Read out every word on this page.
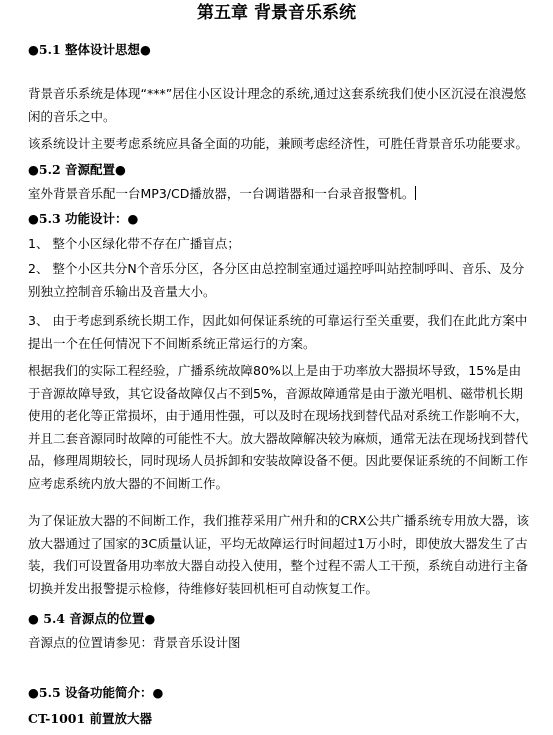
第五章 背景音乐系统
●5.1 整体设计思想●
背景音乐系统是体现“***”居住小区设计理念的系统,通过这套系统我们使小区沉浸在浪漫悠闲的音乐之中。
该系统设计主要考虑系统应具备全面的功能，兼顾考虑经济性，可胜任背景音乐功能要求。
●5.2 音源配置●
室外背景音乐配一台MP3/CD播放器，一台调谐器和一台录音报警机。
●5.3 功能设计：●
1、 整个小区绿化带不存在广播盲点；
2、 整个小区共分N个音乐分区，各分区由总控制室通过遥控呼叫站控制呼叫、音乐、及分别独立控制音乐输出及音量大小。
3、 由于考虑到系统长期工作，因此如何保证系统的可靠运行至关重要，我们在此此方案中提出一个在任何情况下不间断系统正常运行的方案。
根据我们的实际工程经验，广播系统故障80%以上是由于功率放大器损坏导致，15%是由于音源故障导致，其它设备故障仅占不到5%，音源故障通常是由于激光唱机、磁带机长期使用的老化等正常损坏，由于通用性强，可以及时在现场找到替代品对系统工作影响不大，并且二套音源同时故障的可能性不大。放大器故障解决较为麻烦，通常无法在现场找到替代品，修理周期较长，同时现场人员拆卸和安装故障设备不便。因此要保证系统的不间断工作应考虑系统内放大器的不间断工作。
为了保证放大器的不间断工作，我们推荐采用广州升和的CRX公共广播系统专用放大器，该放大器通过了国家的3C质量认证，平均无故障运行时间超过1万小时，即使放大器发生了古装，我们可设置备用功率放大器自动投入使用，整个过程不需人工干预，系统自动进行主备切换并发出报警提示检修，待维修好装回机柜可自动恢复工作。
● 5.4 音源点的位置●
音源点的位置请参见：背景音乐设计图
●5.5 设备功能简介：●
CT-1001 前置放大器
